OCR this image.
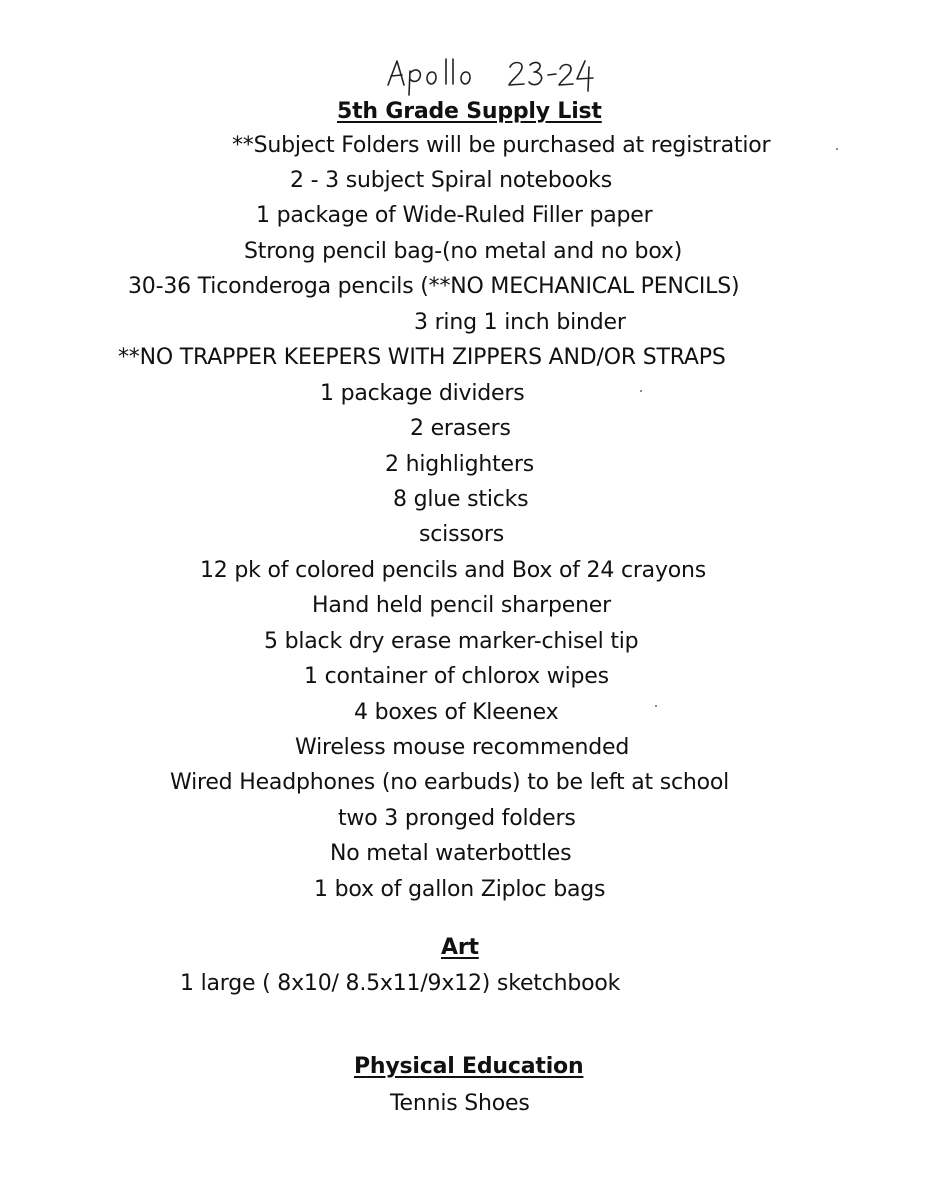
5th Grade Supply List
**Subject Folders will be purchased at registratior
2 - 3 subject Spiral notebooks
1 package of Wide-Ruled Filler paper
Strong pencil bag-(no metal and no box)
30-36 Ticonderoga pencils (**NO MECHANICAL PENCILS)
3 ring 1 inch binder
**NO TRAPPER KEEPERS WITH ZIPPERS AND/OR STRAPS
1 package dividers
2 erasers
2 highlighters
8 glue sticks
scissors
12 pk of colored pencils and Box of 24 crayons
Hand held pencil sharpener
5 black dry erase marker-chisel tip
1 container of chlorox wipes
4 boxes of Kleenex
Wireless mouse recommended
Wired Headphones (no earbuds) to be left at school
two 3 pronged folders
No metal waterbottles
1 box of gallon Ziploc bags
Art
1 large ( 8x10/ 8.5x11/9x12) sketchbook
Physical Education
Tennis Shoes
